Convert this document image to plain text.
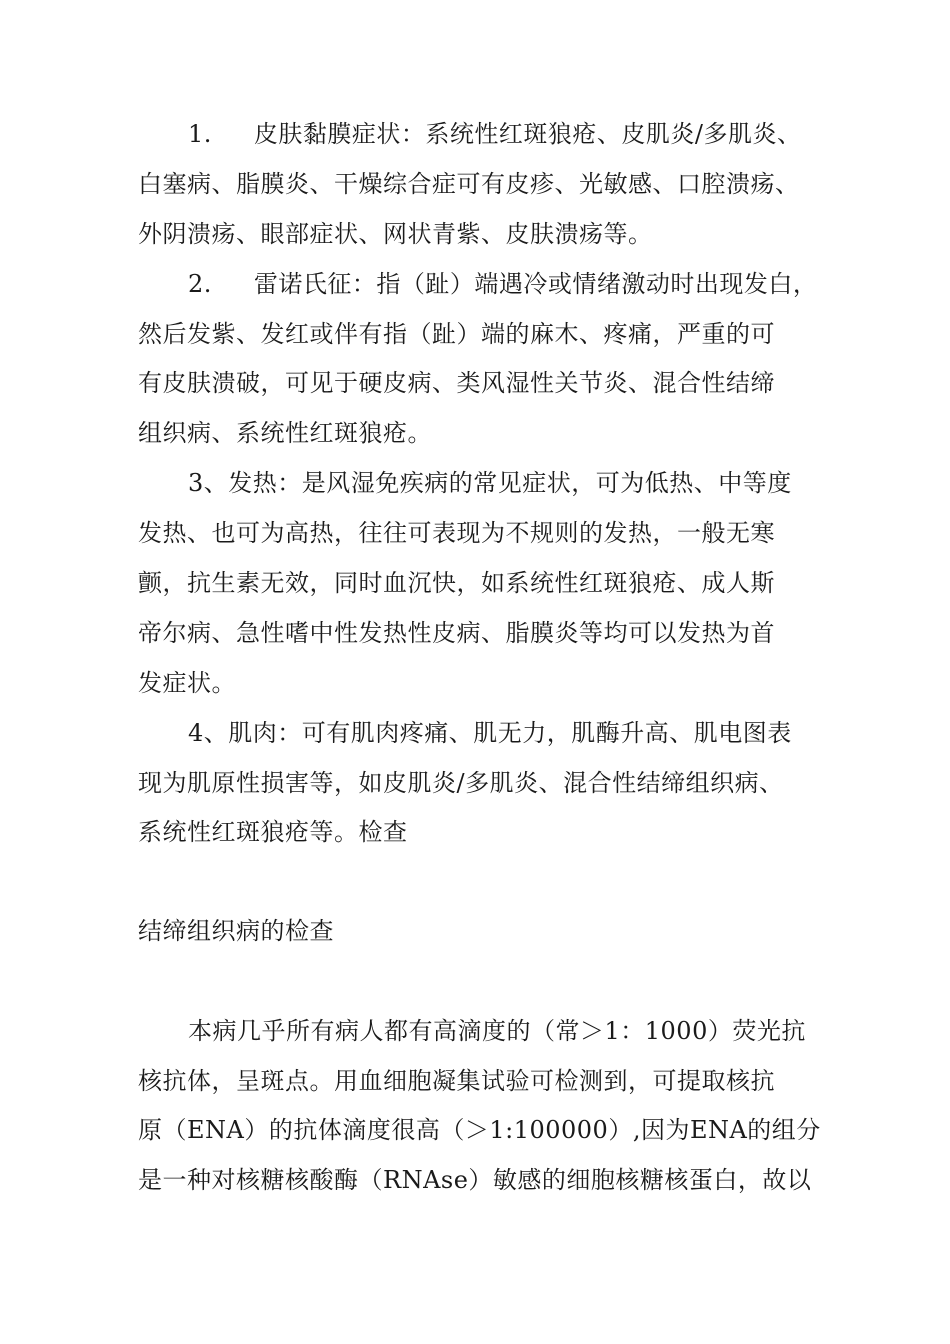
1. 皮肤黏膜症状：系统性红斑狼疮、皮肌炎/多肌炎、
白塞病、脂膜炎、干燥综合症可有皮疹、光敏感、口腔溃疡、
外阴溃疡、眼部症状、网状青紫、皮肤溃疡等。
2. 雷诺氏征：指（趾）端遇冷或情绪激动时出现发白，
然后发紫、发红或伴有指（趾）端的麻木、疼痛，严重的可
有皮肤溃破，可见于硬皮病、类风湿性关节炎、混合性结缔
组织病、系统性红斑狼疮。
3、发热：是风湿免疾病的常见症状，可为低热、中等度
发热、也可为高热，往往可表现为不规则的发热，一般无寒
颤，抗生素无效，同时血沉快，如系统性红斑狼疮、成人斯
帝尔病、急性嗜中性发热性皮病、脂膜炎等均可以发热为首
发症状。
4、肌肉：可有肌肉疼痛、肌无力，肌酶升高、肌电图表
现为肌原性损害等，如皮肌炎/多肌炎、混合性结缔组织病、
系统性红斑狼疮等。检查
结缔组织病的检查
本病几乎所有病人都有高滴度的（常＞1：1000）荧光抗
核抗体，呈斑点。用血细胞凝集试验可检测到，可提取核抗
原（ENA）的抗体滴度很高（＞1:100000）,因为ENA的组分
是一种对核糖核酸酶（RNAse）敏感的细胞核糖核蛋白，故以
